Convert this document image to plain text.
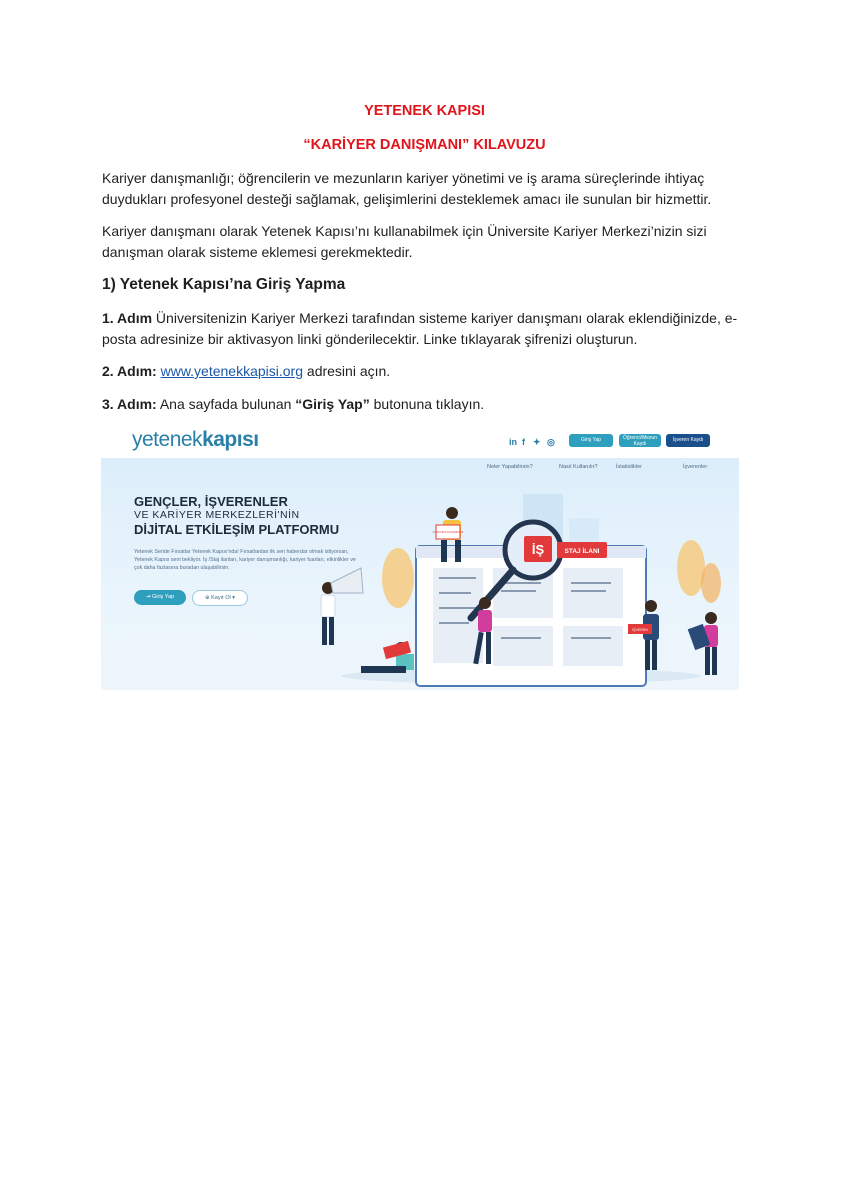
YETENEK KAPISI
“KARİYER DANIŞMANI” KILAVUZU
Kariyer danışmanlığı; öğrencilerin ve mezunların kariyer yönetimi ve iş arama süreçlerinde ihtiyaç duydukları profesyonel desteği sağlamak, gelişimlerini desteklemek amacı ile sunulan bir hizmettir.
Kariyer danışmanı olarak Yetenek Kapısı’nı kullanabilmek için Üniversite Kariyer Merkezi’nizin sizi danışman olarak sisteme eklemesi gerekmektedir.
1) Yetenek Kapısı’na Giriş Yapma
1. Adım Üniversitenizin Kariyer Merkezi tarafından sisteme kariyer danışmanı olarak eklendiğinizde, e-posta adresinize bir aktivasyon linki gönderilecektir. Linke tıklayarak şifrenizi oluşturun.
2. Adım: www.yetenekkapisi.org adresini açın.
3. Adım: Ana sayfada bulunan “Giriş Yap” butonuna tıklayın.
yetenekkapısı	in f ✦ ◎	Giriş Yap	Öğrenci/Mezun Kaydı
İşveren Kaydı
Neler Yapabilirsin?	Nasıl Kullanılır?	İstatistikler	İşverenler
GENÇLER, İŞVERENLER
VE KARİYER MERKEZLERİ'NİN
DİJİTAL ETKİLEŞİM PLATFORMU
Yetenek Seride Fırsatlar Yetenek Kapısı'nda! Fırsatlardan ilk sen haberdar olmak istiyorsan, Yetenek Kapısı seni bekliyor. İş /Staj ilanları, kariyer danışmanlığı, kariyer fuarları, etkinlikler ve çok daha fazlasına buradan ulaşabilirsin.
⇥ Giriş Yap	⊕ Kayıt Ol ▾
İŞ	STAJ İLANI
KARİYER DANIŞMANI
İŞVEREN
